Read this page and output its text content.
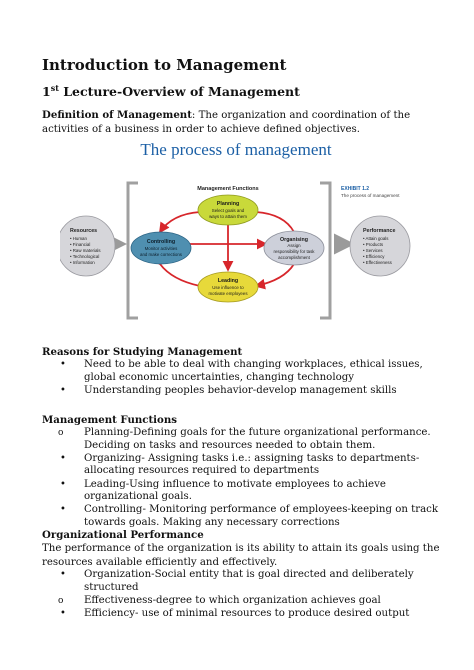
Introduction to Management
1st Lecture-Overview of Management
Definition of Management: The organization and coordination of the activities of a business in order to achieve defined objectives.
The process of management
Management Functions	EXHIBIT 1.2
The process of management
Resources
• Human
• Financial
• Raw materials
• Technological
• Information
Performance
• Attain goals
• Products
• Services
• Efficiency
• Effectiveness
Planning
Select goals and
ways to attain them
Controlling
Monitor activities
and make corrections
Organising
Assign
responsibility for task
accomplishment
Leading
Use influence to
motivate employees
Reasons for Studying Management
• Need to be able to deal with changing workplaces, ethical issues, global economic uncertainties, changing technology
• Understanding peoples behavior-develop management skills
Management Functions
o Planning-Defining goals for the future organizational performance. Deciding on tasks and resources needed to obtain them.
• Organizing- Assigning tasks i.e.: assigning tasks to departments-allocating resources required to departments
• Leading-Using influence to motivate employees to achieve organizational goals.
• Controlling- Monitoring performance of employees-keeping on track towards goals. Making any necessary corrections
Organizational Performance
The performance of the organization is its ability to attain its goals using the resources available efficiently and effectively.
• Organization-Social entity that is goal directed and deliberately structured
o Effectiveness-degree to which organization achieves goal
• Efficiency- use of minimal resources to produce desired output
